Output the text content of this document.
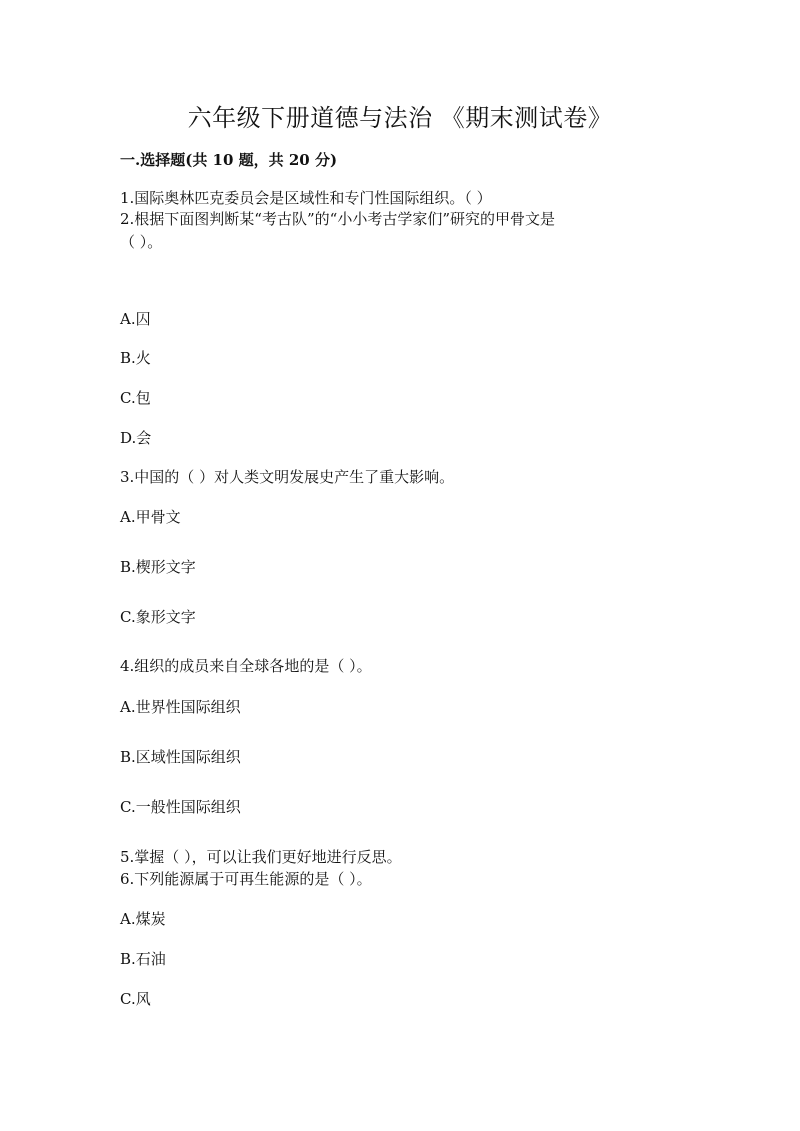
六年级下册道德与法治 《期末测试卷》
一.选择题(共 10 题，共 20 分)
1.国际奥林匹克委员会是区域性和专门性国际组织。（ ）
2.根据下面图判断某“考古队”的“小小考古学家们”研究的甲骨文是
（ ）。
A.囚
B.火
C.包
D.会
3.中国的（ ）对人类文明发展史产生了重大影响。
A.甲骨文
B.楔形文字
C.象形文字
4.组织的成员来自全球各地的是（ ）。
A.世界性国际组织
B.区域性国际组织
C.一般性国际组织
5.掌握（ ），可以让我们更好地进行反思。
6.下列能源属于可再生能源的是（ ）。
A.煤炭
B.石油
C.风
